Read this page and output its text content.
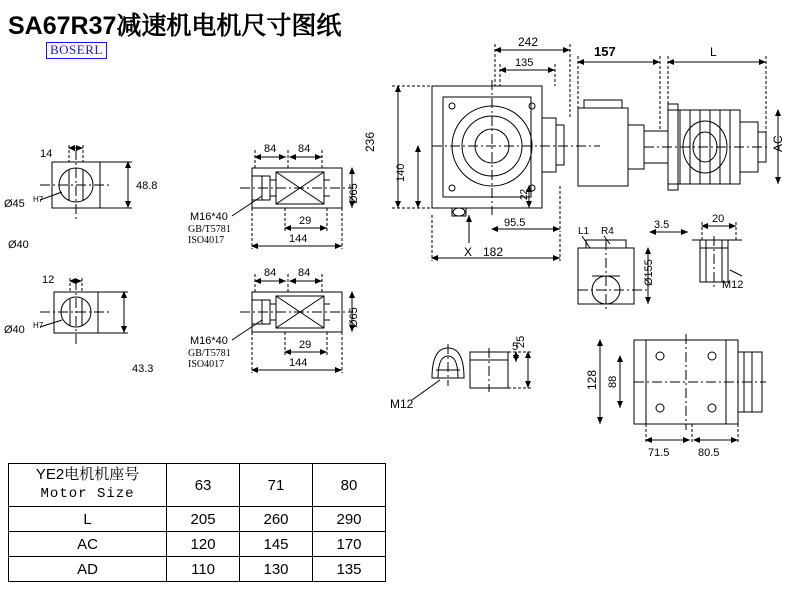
SA67R37减速机电机尺寸图纸
BOSERL
14
Ø45 H7
48.8
Ø40
12
Ø40 H7
43.3
84 84
29
144
Ø65
M16*40
GB/T5781
ISO4017
84 84
29
144
Ø65
M16*40
GB/T5781
ISO4017
242
135
157	L
AC
236
140
22
X
95.5
182
L1 R4
3.5
Ø155
20
M12
5
25
M12
128 88
71.5	80.5
YE2电机机座号
Motor Size	63	71	80
L	205	260	290
AC	120	145	170
AD	110	130	135
